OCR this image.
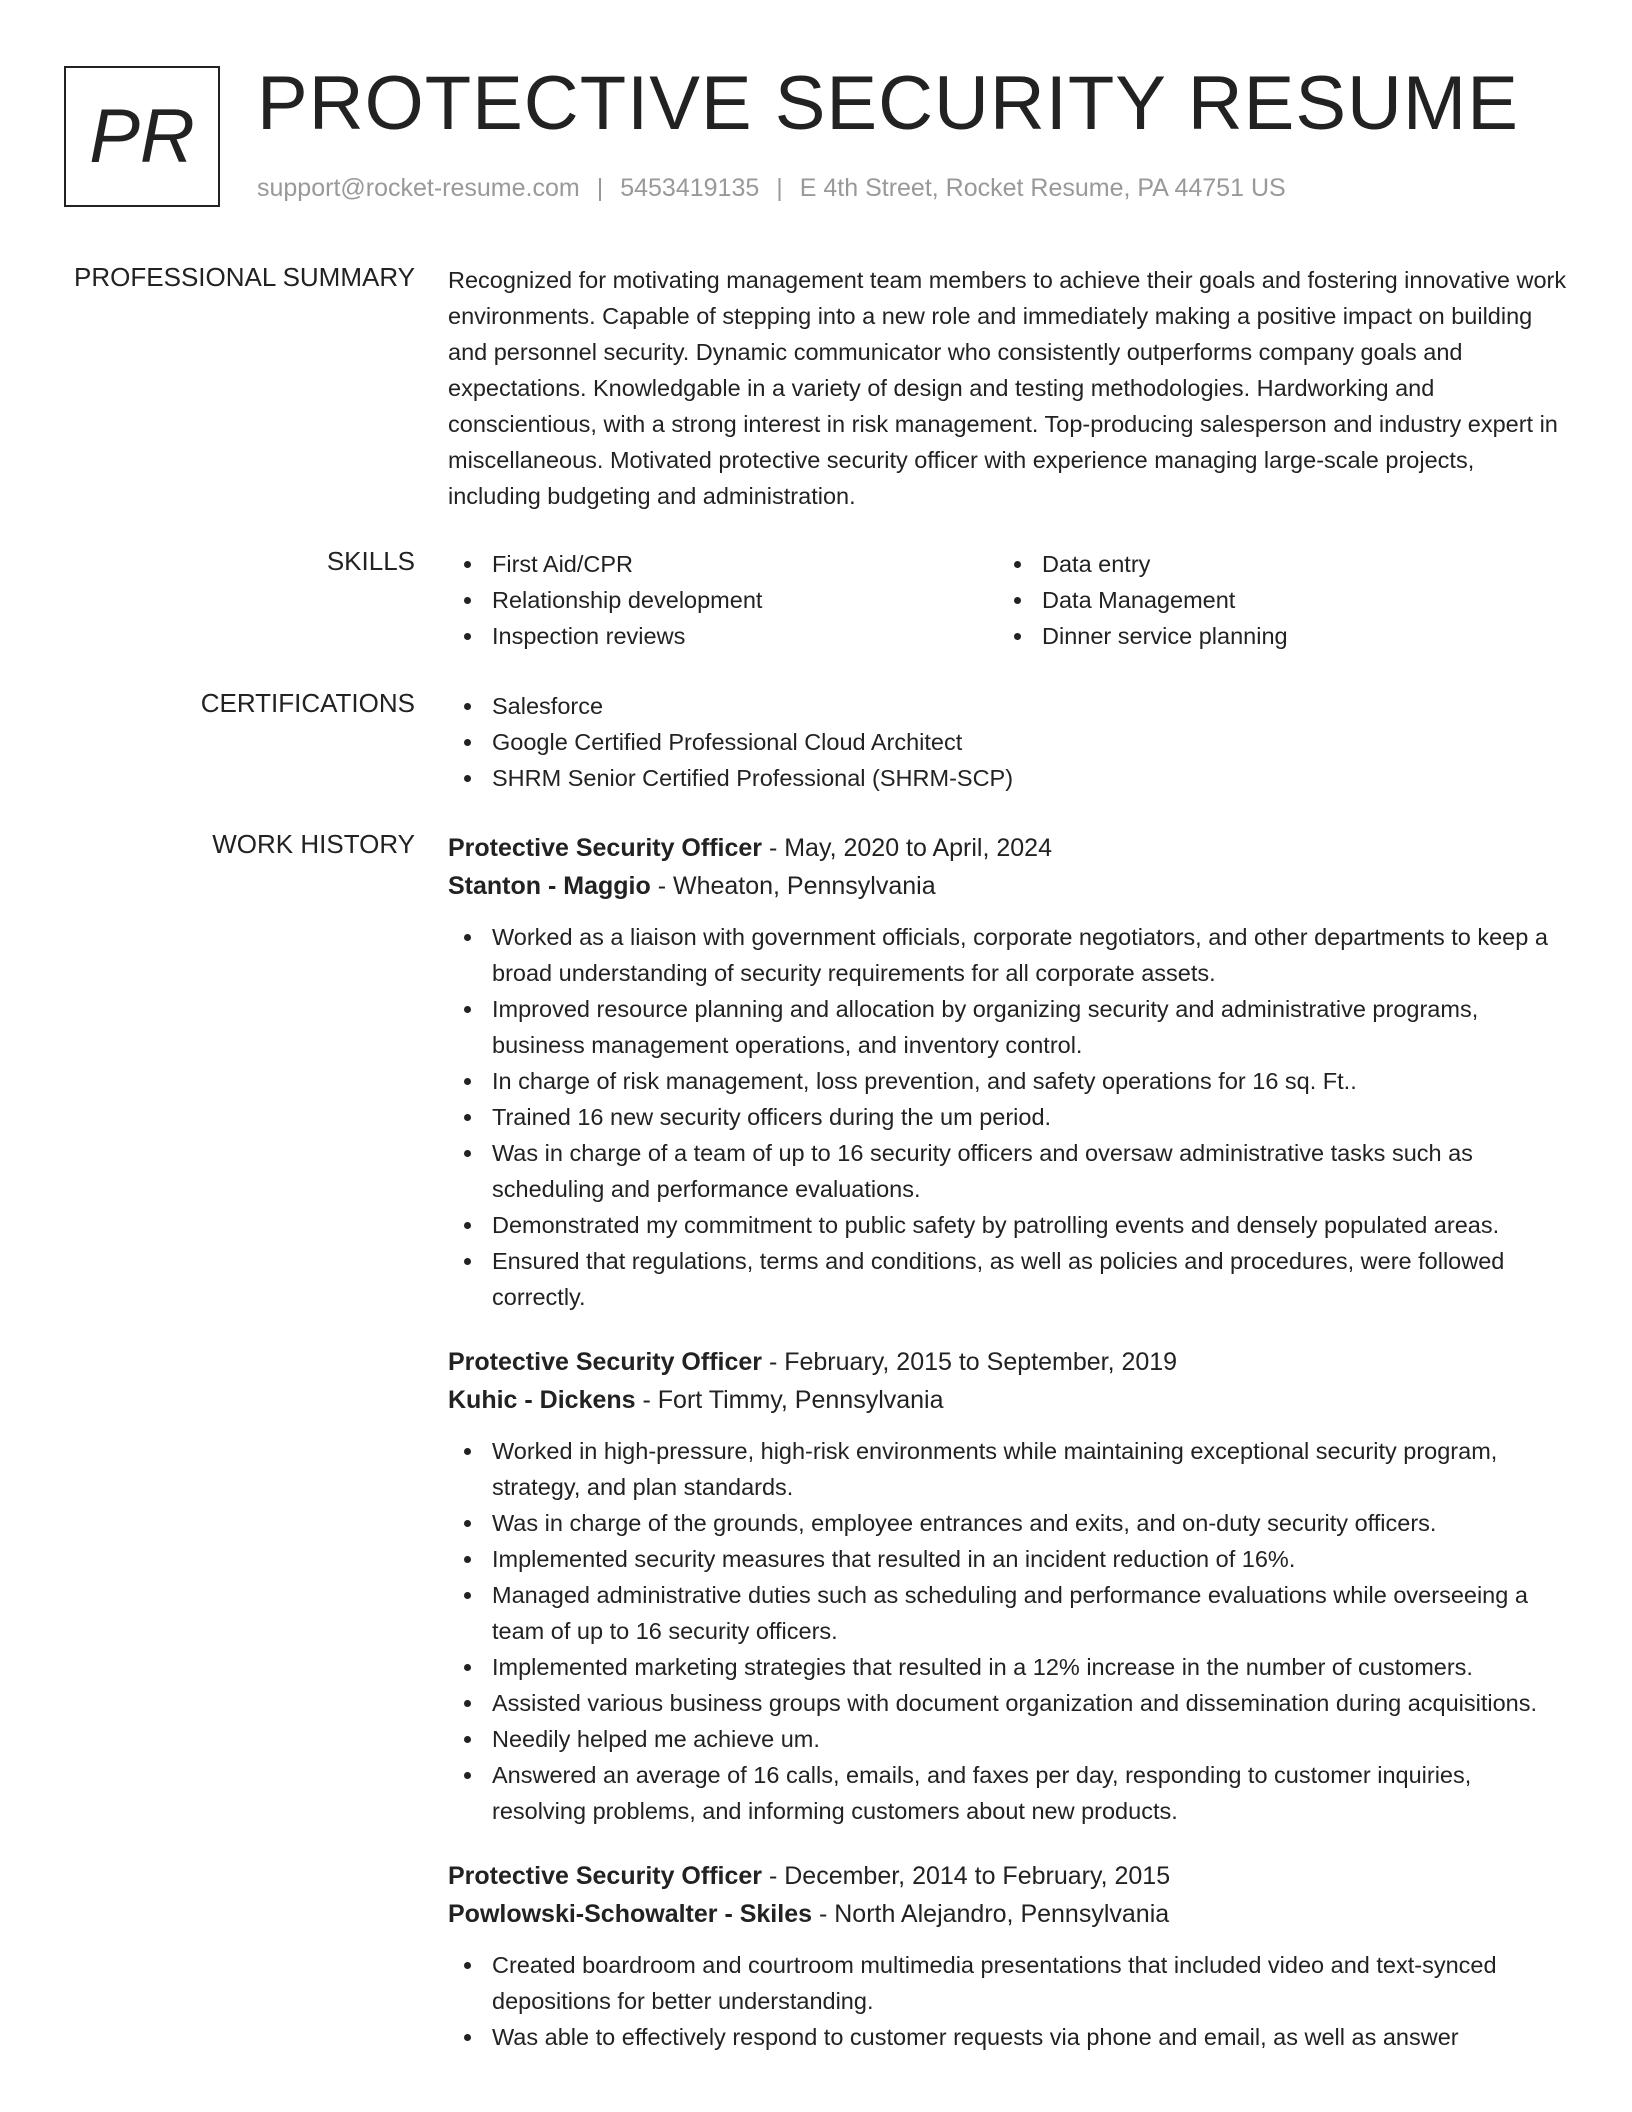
PR PROTECTIVE SECURITY RESUME
support@rocket-resume.com | 5453419135 | E 4th Street, Rocket Resume, PA 44751 US
PROFESSIONAL SUMMARY Recognized for motivating management team members to achieve their goals and fostering innovative work environments. Capable of stepping into a new role and immediately making a positive impact on building and personnel security. Dynamic communicator who consistently outperforms company goals and expectations. Knowledgable in a variety of design and testing methodologies. Hardworking and conscientious, with a strong interest in risk management. Top-producing salesperson and industry expert in miscellaneous. Motivated protective security officer with experience managing large-scale projects, including budgeting and administration.

SKILLS	First Aid/CPR	Data entry
Relationship development	Data Management
Inspection reviews	Dinner service planning
CERTIFICATIONS	Salesforce
Google Certified Professional Cloud Architect
SHRM Senior Certified Professional (SHRM-SCP)
WORK HISTORY Protective Security Officer - May, 2020 to April, 2024
Stanton - Maggio - Wheaton, Pennsylvania
Worked as a liaison with government officials, corporate negotiators, and other departments to keep a broad understanding of security requirements for all corporate assets.
Improved resource planning and allocation by organizing security and administrative programs, business management operations, and inventory control.
In charge of risk management, loss prevention, and safety operations for 16 sq. Ft..
Trained 16 new security officers during the um period.
Was in charge of a team of up to 16 security officers and oversaw administrative tasks such as scheduling and performance evaluations.
Demonstrated my commitment to public safety by patrolling events and densely populated areas.
Ensured that regulations, terms and conditions, as well as policies and procedures, were followed correctly.
Protective Security Officer - February, 2015 to September, 2019
Kuhic - Dickens - Fort Timmy, Pennsylvania
Worked in high-pressure, high-risk environments while maintaining exceptional security program, strategy, and plan standards.
Was in charge of the grounds, employee entrances and exits, and on-duty security officers.
Implemented security measures that resulted in an incident reduction of 16%.
Managed administrative duties such as scheduling and performance evaluations while overseeing a team of up to 16 security officers.
Implemented marketing strategies that resulted in a 12% increase in the number of customers.
Assisted various business groups with document organization and dissemination during acquisitions.
Needily helped me achieve um.
Answered an average of 16 calls, emails, and faxes per day, responding to customer inquiries, resolving problems, and informing customers about new products.
Protective Security Officer - December, 2014 to February, 2015
Powlowski-Schowalter - Skiles - North Alejandro, Pennsylvania
Created boardroom and courtroom multimedia presentations that included video and text-synced depositions for better understanding.
Was able to effectively respond to customer requests via phone and email, as well as answer
